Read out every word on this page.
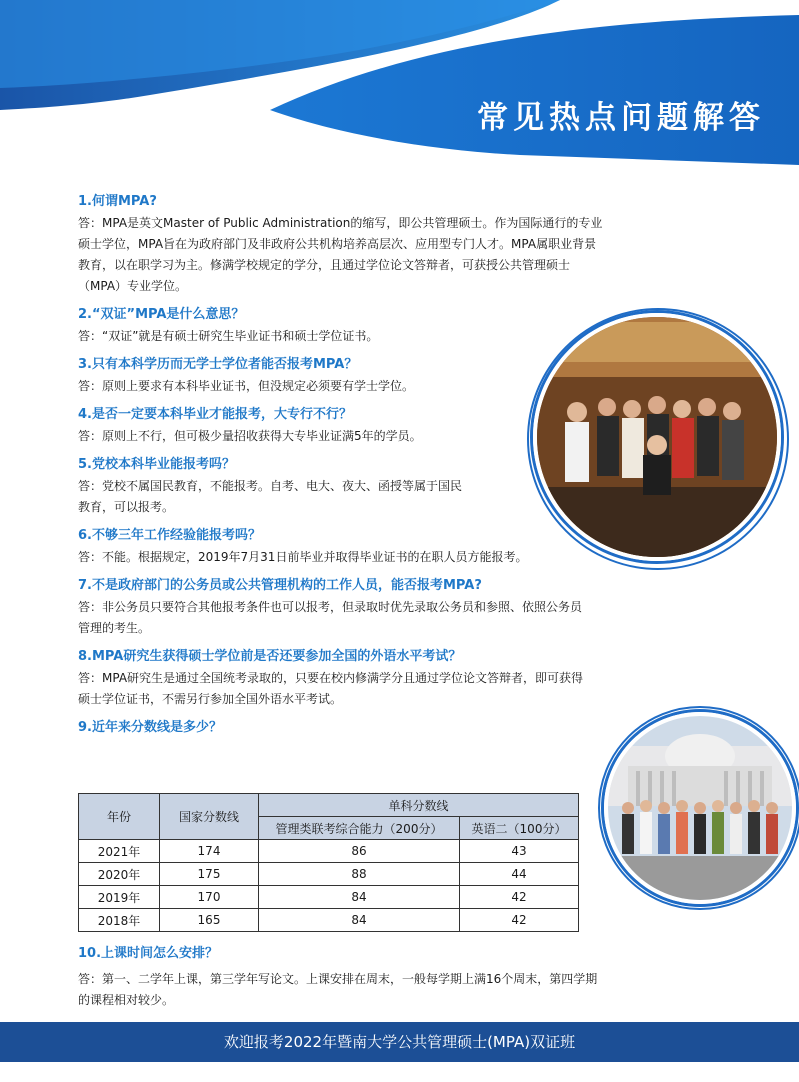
常见热点问题解答

1.何谓MPA?

答：MPA是英文Master of Public Administration的缩写，即公共管理硕士。作为国际通行的专业硕士学位，MPA旨在为政府部门及非政府公共机构培养高层次、应用型专门人才。MPA属职业背景教育，以在职学习为主。修满学校规定的学分，且通过学位论文答辩者，可获授公共管理硕士（MPA）专业学位。

2.“双证”MPA是什么意思？

答：“双证”就是有硕士研究生毕业证书和硕士学位证书。

3.只有本科学历而无学士学位者能否报考MPA？

答：原则上要求有本科毕业证书，但没规定必须要有学士学位。

4.是否一定要本科毕业才能报考，大专行不行？

答：原则上不行，但可极少量招收获得大专毕业证满5年的学员。

5.党校本科毕业能报考吗？

答：党校不属国民教育，不能报考。自考、电大、夜大、函授等属于国民教育，可以报考。

6.不够三年工作经验能报考吗？

答：不能。根据规定，2019年7月31日前毕业并取得毕业证书的在职人员方能报考。

7.不是政府部门的公务员或公共管理机构的工作人员，能否报考MPA?

答：非公务员只要符合其他报考条件也可以报考，但录取时优先录取公务员和参照、依照公务员管理的考生。

8.MPA研究生获得硕士学位前是否还要参加全国的外语水平考试？

答：MPA研究生是通过全国统考录取的，只要在校内修满学分且通过学位论文答辩者，即可获得硕士学位证书，不需另行参加全国外语水平考试。

9.近年来分数线是多少？

年份	国家分数线	单科分数线	
		管理类联考综合能力（200分）	英语二（100分）
2021年	174	86	43
2020年	175	88	44
2019年	170	84	42
2018年	165	84	42

10.上课时间怎么安排？

答：第一、二学年上课，第三学年写论文。上课安排在周末，一般每学期上满16个周末，第四学期的课程相对较少。

欢迎报考2022年暨南大学公共管理硕士(MPA)双证班
